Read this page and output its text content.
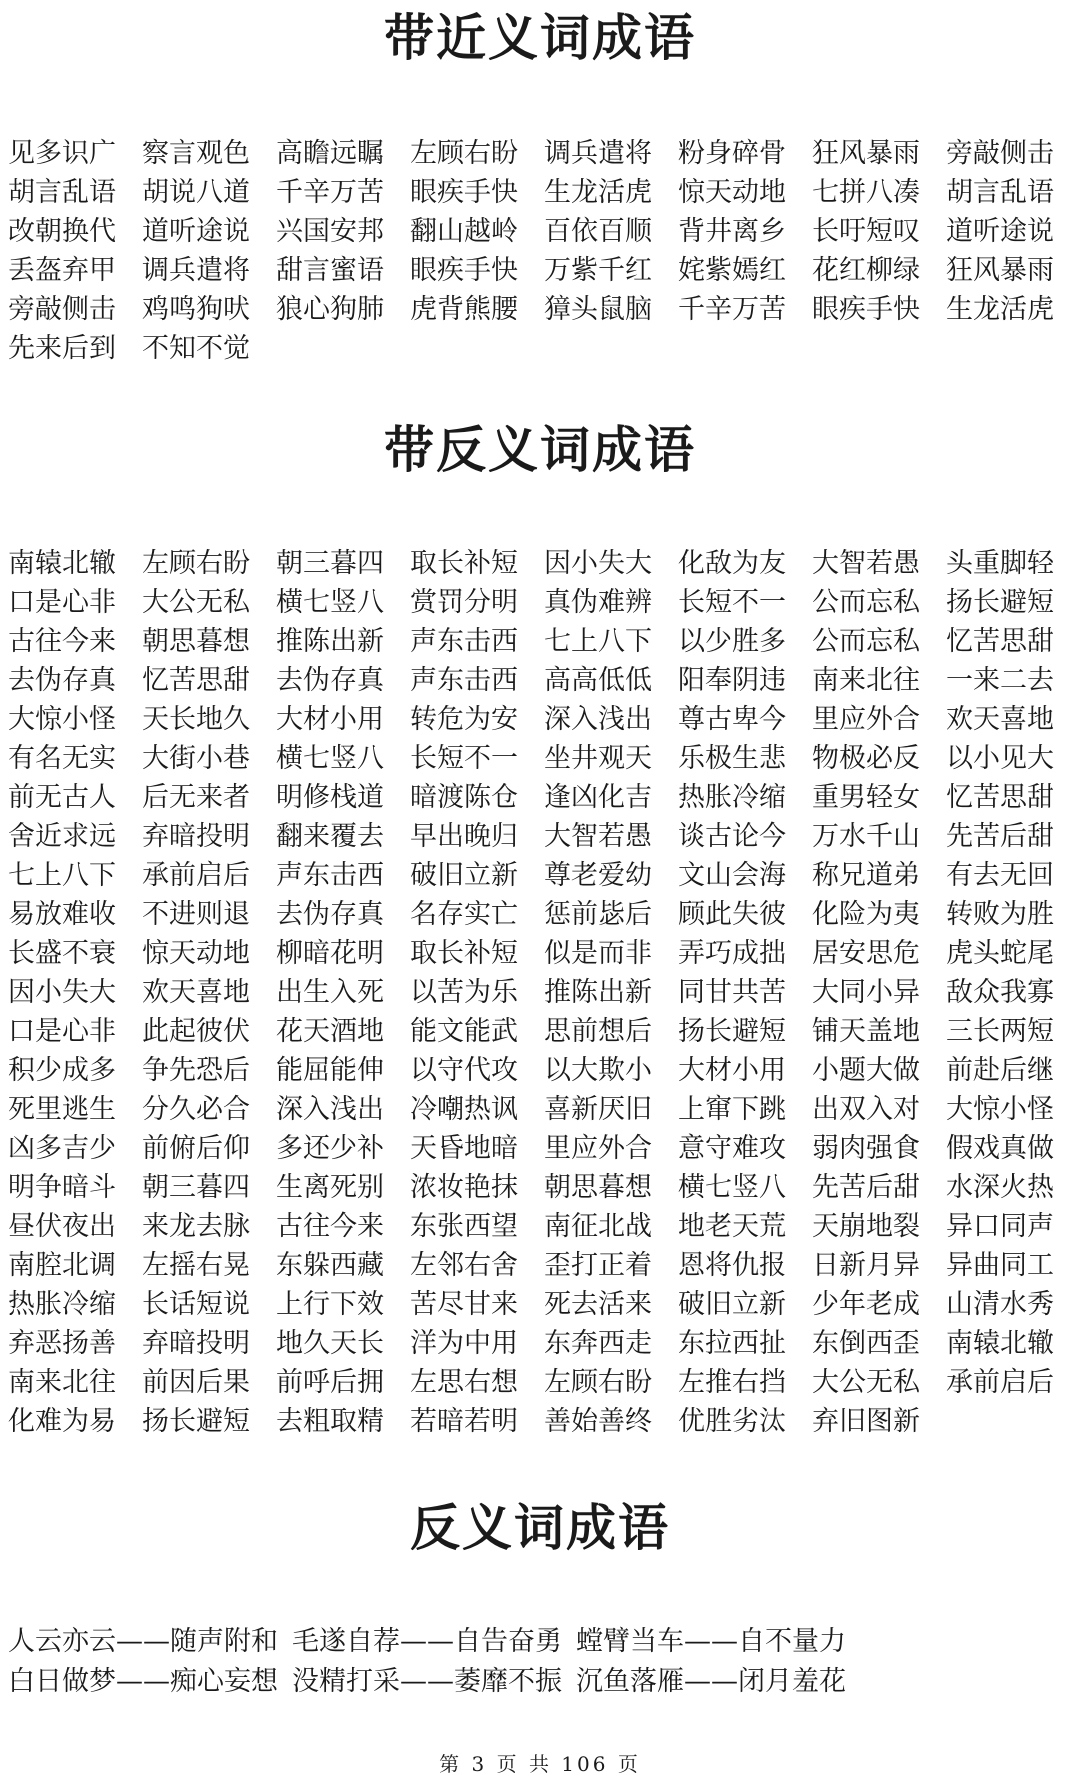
带近义词成语
见多识广 察言观色 高瞻远瞩 左顾右盼 调兵遣将 粉身碎骨 狂风暴雨 旁敲侧击
胡言乱语 胡说八道 千辛万苦 眼疾手快 生龙活虎 惊天动地 七拼八凑 胡言乱语
改朝换代 道听途说 兴国安邦 翻山越岭 百依百顺 背井离乡 长吁短叹 道听途说
丢盔弃甲 调兵遣将 甜言蜜语 眼疾手快 万紫千红 姹紫嫣红 花红柳绿 狂风暴雨
旁敲侧击 鸡鸣狗吠 狼心狗肺 虎背熊腰 獐头鼠脑 千辛万苦 眼疾手快 生龙活虎
先来后到 不知不觉
带反义词成语
南辕北辙 左顾右盼 朝三暮四 取长补短 因小失大 化敌为友 大智若愚 头重脚轻
口是心非 大公无私 横七竖八 赏罚分明 真伪难辨 长短不一 公而忘私 扬长避短
古往今来 朝思暮想 推陈出新 声东击西 七上八下 以少胜多 公而忘私 忆苦思甜
去伪存真 忆苦思甜 去伪存真 声东击西 高高低低 阳奉阴违 南来北往 一来二去
大惊小怪 天长地久 大材小用 转危为安 深入浅出 尊古卑今 里应外合 欢天喜地
有名无实 大街小巷 横七竖八 长短不一 坐井观天 乐极生悲 物极必反 以小见大
前无古人 后无来者 明修栈道 暗渡陈仓 逢凶化吉 热胀冷缩 重男轻女 忆苦思甜
舍近求远 弃暗投明 翻来覆去 早出晚归 大智若愚 谈古论今 万水千山 先苦后甜
七上八下 承前启后 声东击西 破旧立新 尊老爱幼 文山会海 称兄道弟 有去无回
易放难收 不进则退 去伪存真 名存实亡 惩前毖后 顾此失彼 化险为夷 转败为胜
长盛不衰 惊天动地 柳暗花明 取长补短 似是而非 弄巧成拙 居安思危 虎头蛇尾
因小失大 欢天喜地 出生入死 以苦为乐 推陈出新 同甘共苦 大同小异 敌众我寡
口是心非 此起彼伏 花天酒地 能文能武 思前想后 扬长避短 铺天盖地 三长两短
积少成多 争先恐后 能屈能伸 以守代攻 以大欺小 大材小用 小题大做 前赴后继
死里逃生 分久必合 深入浅出 冷嘲热讽 喜新厌旧 上窜下跳 出双入对 大惊小怪
凶多吉少 前俯后仰 多还少补 天昏地暗 里应外合 意守难攻 弱肉强食 假戏真做
明争暗斗 朝三暮四 生离死别 浓妆艳抹 朝思暮想 横七竖八 先苦后甜 水深火热
昼伏夜出 来龙去脉 古往今来 东张西望 南征北战 地老天荒 天崩地裂 异口同声
南腔北调 左摇右晃 东躲西藏 左邻右舍 歪打正着 恩将仇报 日新月异 异曲同工
热胀冷缩 长话短说 上行下效 苦尽甘来 死去活来 破旧立新 少年老成 山清水秀
弃恶扬善 弃暗投明 地久天长 洋为中用 东奔西走 东拉西扯 东倒西歪 南辕北辙
南来北往 前因后果 前呼后拥 左思右想 左顾右盼 左推右挡 大公无私 承前启后
化难为易 扬长避短 去粗取精 若暗若明 善始善终 优胜劣汰 弃旧图新
反义词成语
人云亦云——随声附和 毛遂自荐——自告奋勇 螳臂当车——自不量力
白日做梦——痴心妄想 没精打采——萎靡不振 沉鱼落雁——闭月羞花
第 3 页 共 106 页
